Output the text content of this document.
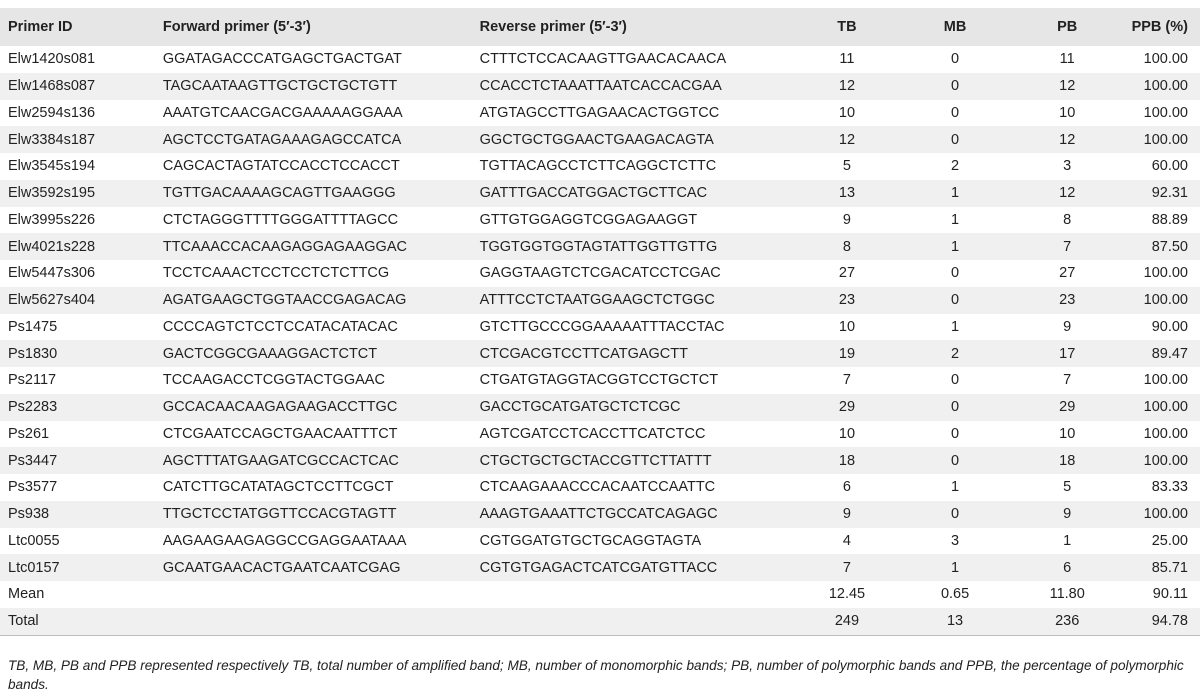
Primer ID	Forward primer (5′-3′)	Reverse primer (5′-3′)	TB	MB	PB	PPB (%)
Elw1420s081	GGATAGACCCATGAGCTGACTGAT	CTTTCTCCACAAGTTGAACACAACA	11	0	11	100.00
Elw1468s087	TAGCAATAAGTTGCTGCTGCTGTT	CCACCTCTAAATTAATCACCACGAA	12	0	12	100.00
Elw2594s136	AAATGTCAACGACGAAAAAGGAAA	ATGTAGCCTTGAGAACACTGGTCC	10	0	10	100.00
Elw3384s187	AGCTCCTGATAGAAAGAGCCATCA	GGCTGCTGGAACTGAAGACAGTA	12	0	12	100.00
Elw3545s194	CAGCACTAGTATCCACCTCCACCT	TGTTACAGCCTCTTCAGGCTCTTC	5	2	3	60.00
Elw3592s195	TGTTGACAAAAGCAGTTGAAGGG	GATTTGACCATGGACTGCTTCAC	13	1	12	92.31
Elw3995s226	CTCTAGGGTTTTGGGATTTTAGCC	GTTGTGGAGGTCGGAGAAGGT	9	1	8	88.89
Elw4021s228	TTCAAACCACAAGAGGAGAAGGAC	TGGTGGTGGTAGTATTGGTTGTTG	8	1	7	87.50
Elw5447s306	TCCTCAAACTCCTCCTCTCTTCG	GAGGTAAGTCTCGACATCCTCGAC	27	0	27	100.00
Elw5627s404	AGATGAAGCTGGTAACCGAGACAG	ATTTCCTCTAATGGAAGCTCTGGC	23	0	23	100.00
Ps1475	CCCCAGTCTCCTCCATACATACAC	GTCTTGCCCGGAAAAATTTACCTAC	10	1	9	90.00
Ps1830	GACTCGGCGAAAGGACTCTCT	CTCGACGTCCTTCATGAGCTT	19	2	17	89.47
Ps2117	TCCAAGACCTCGGTACTGGAAC	CTGATGTAGGTACGGTCCTGCTCT	7	0	7	100.00
Ps2283	GCCACAACAAGAGAAGACCTTGC	GACCTGCATGATGCTCTCGC	29	0	29	100.00
Ps261	CTCGAATCCAGCTGAACAATTTCT	AGTCGATCCTCACCTTCATCTCC	10	0	10	100.00
Ps3447	AGCTTTATGAAGATCGCCACTCAC	CTGCTGCTGCTACCGTTCTTATTT	18	0	18	100.00
Ps3577	CATCTTGCATATAGCTCCTTCGCT	CTCAAGAAACCCACAATCCAATTC	6	1	5	83.33
Ps938	TTGCTCCTATGGTTCCACGTAGTT	AAAGTGAAATTCTGCCATCAGAGC	9	0	9	100.00
Ltc0055	AAGAAGAAGAGGCCGAGGAATAAA	CGTGGATGTGCTGCAGGTAGTA	4	3	1	25.00
Ltc0157	GCAATGAACACTGAATCAATCGAG	CGTGTGAGACTCATCGATGTTACC	7	1	6	85.71
Mean			12.45	0.65	11.80	90.11
Total			249	13	236	94.78

TB, MB, PB and PPB represented respectively TB, total number of amplified band; MB, number of monomorphic bands; PB, number of polymorphic bands and PPB, the percentage of polymorphic bands.
